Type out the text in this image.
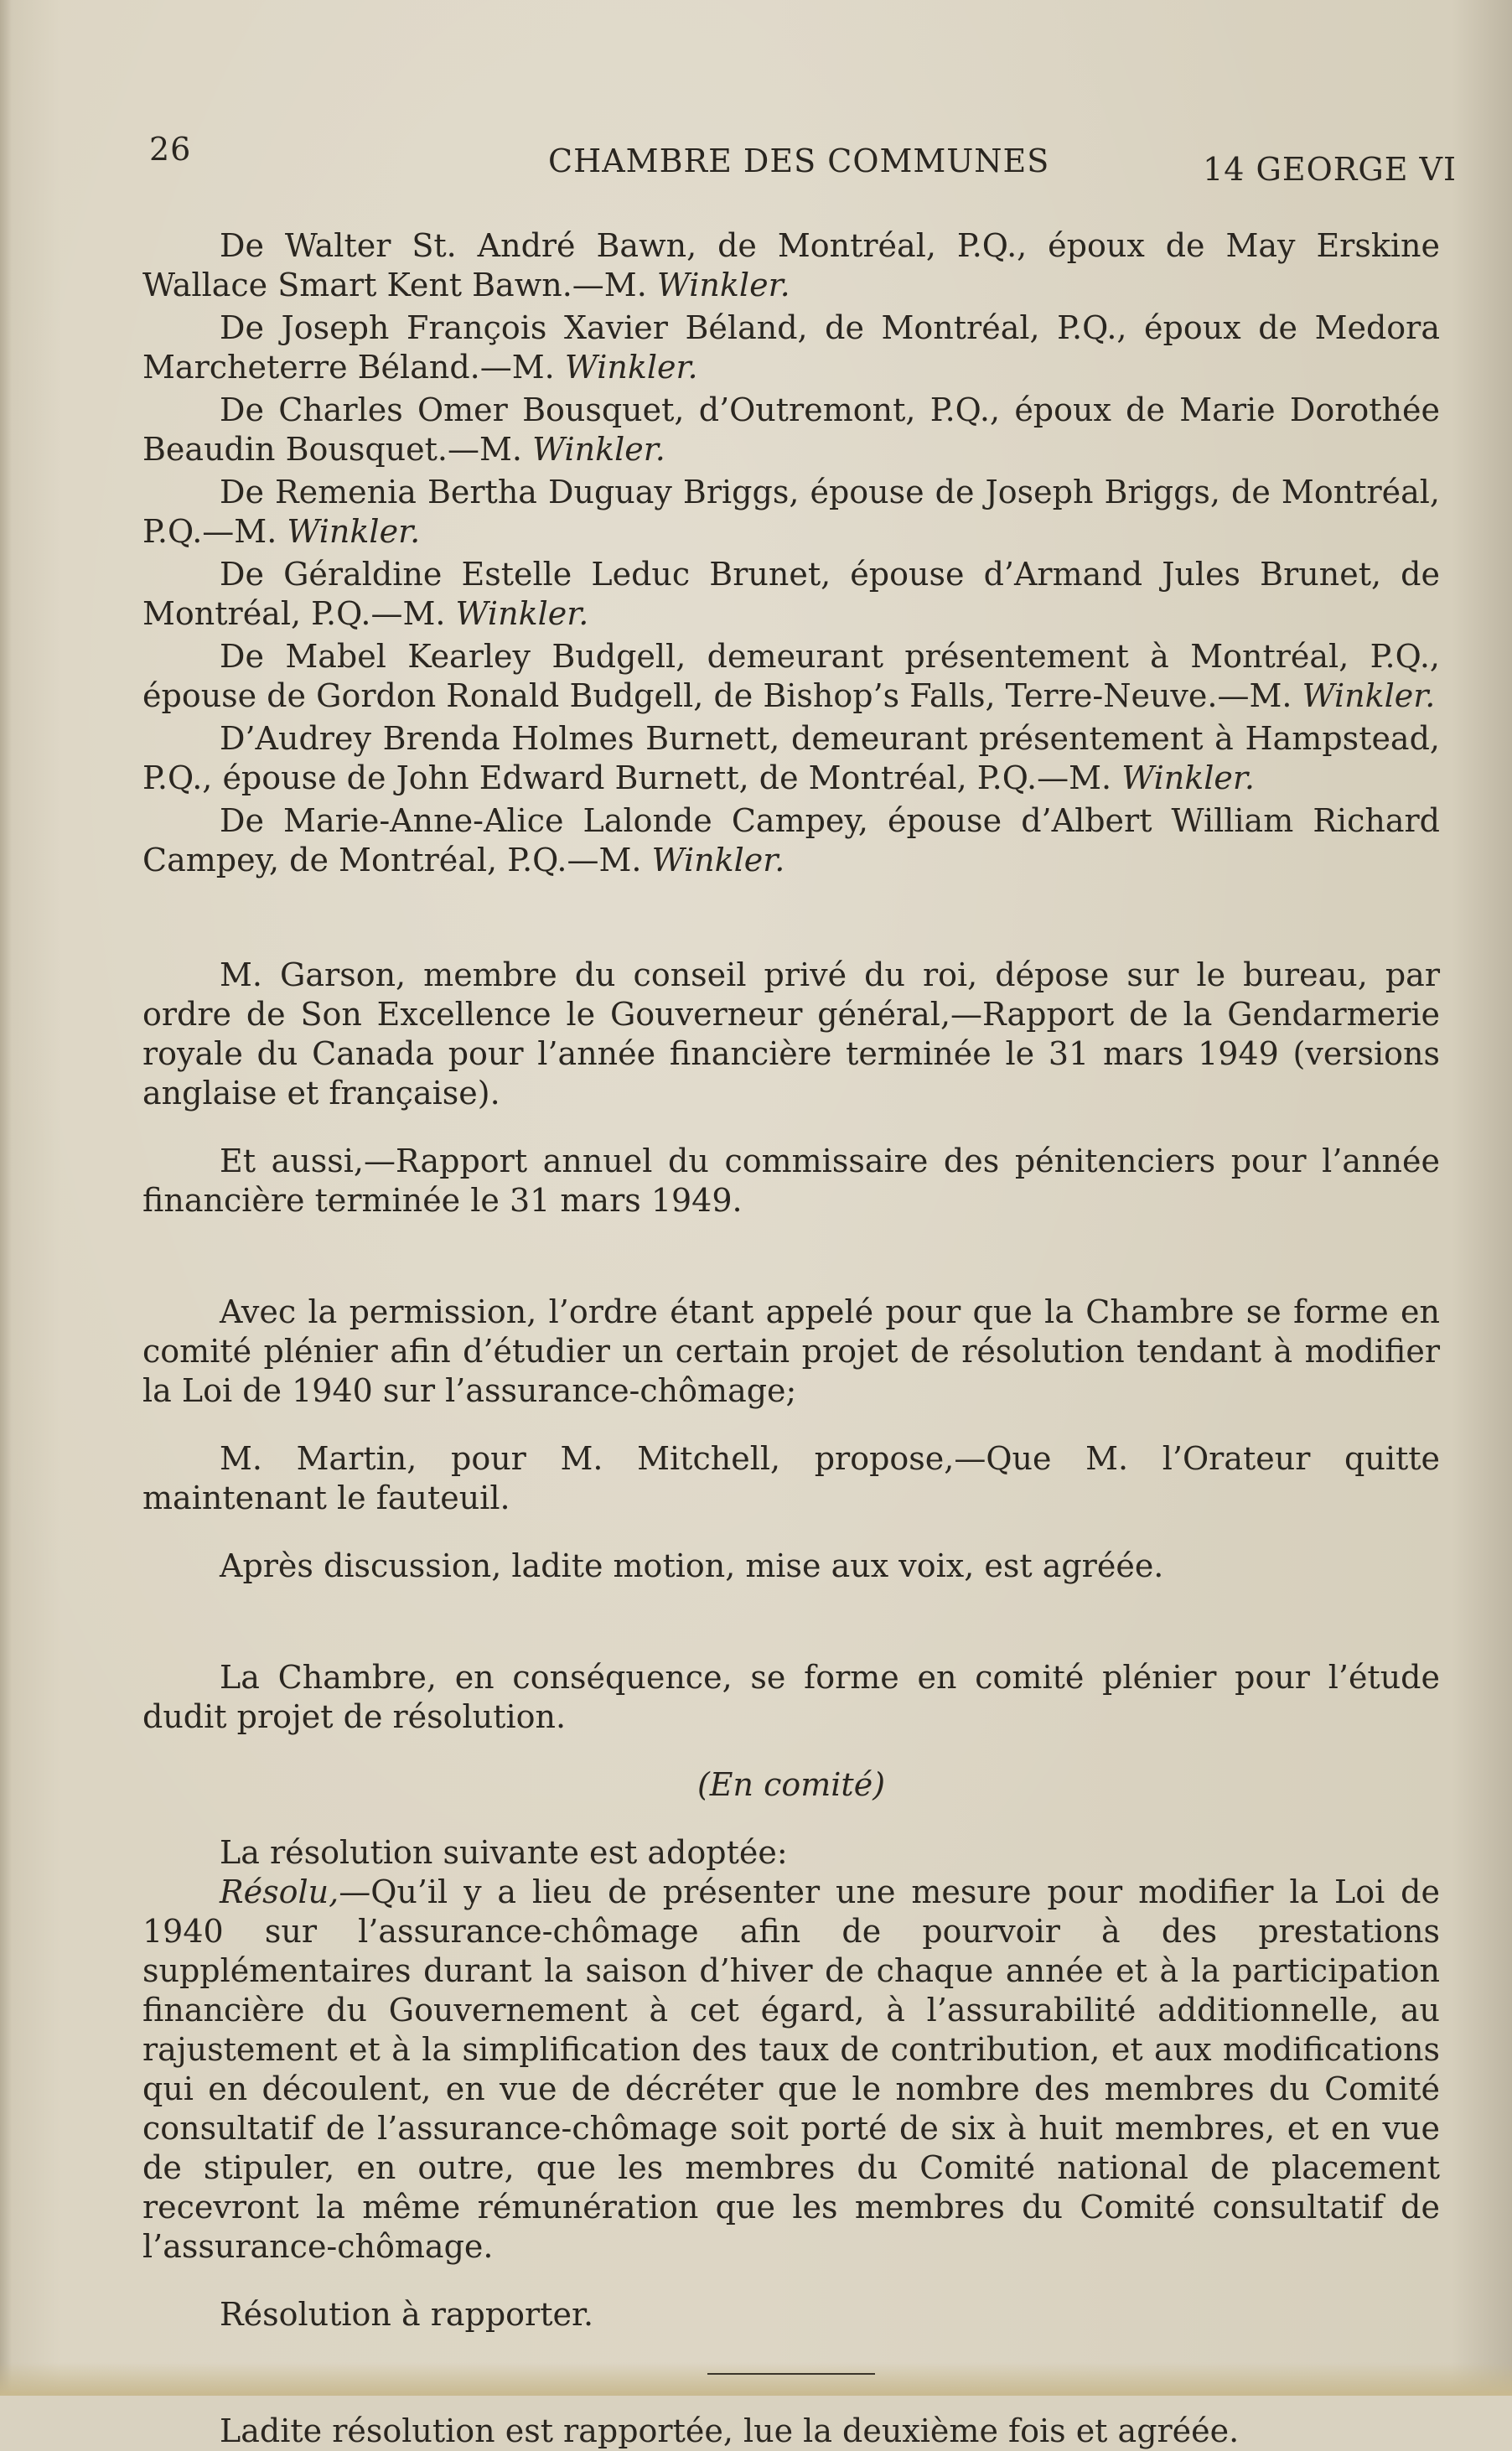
26	CHAMBRE DES COMMUNES	14 GEORGE VI

De Walter St. André Bawn, de Montréal, P.Q., époux de May Erskine Wallace Smart Kent Bawn.—M. Winkler.

De Joseph François Xavier Béland, de Montréal, P.Q., époux de Medora Marcheterre Béland.—M. Winkler.

De Charles Omer Bousquet, d’Outremont, P.Q., époux de Marie Dorothée Beaudin Bousquet.—M. Winkler.

De Remenia Bertha Duguay Briggs, épouse de Joseph Briggs, de Montréal, P.Q.—M. Winkler.

De Géraldine Estelle Leduc Brunet, épouse d’Armand Jules Brunet, de Montréal, P.Q.—M. Winkler.

De Mabel Kearley Budgell, demeurant présentement à Montréal, P.Q., épouse de Gordon Ronald Budgell, de Bishop’s Falls, Terre-Neuve.—M. Winkler.

D’Audrey Brenda Holmes Burnett, demeurant présentement à Hampstead, P.Q., épouse de John Edward Burnett, de Montréal, P.Q.—M. Winkler.

De Marie-Anne-Alice Lalonde Campey, épouse d’Albert William Richard Campey, de Montréal, P.Q.—M. Winkler.

M. Garson, membre du conseil privé du roi, dépose sur le bureau, par ordre de Son Excellence le Gouverneur général,—Rapport de la Gendarmerie royale du Canada pour l’année financière terminée le 31 mars 1949 (versions anglaise et française).

Et aussi,—Rapport annuel du commissaire des pénitenciers pour l’année financière terminée le 31 mars 1949.

Avec la permission, l’ordre étant appelé pour que la Chambre se forme en comité plénier afin d’étudier un certain projet de résolution tendant à modifier la Loi de 1940 sur l’assurance-chômage;

M. Martin, pour M. Mitchell, propose,—Que M. l’Orateur quitte maintenant le fauteuil.

Après discussion, ladite motion, mise aux voix, est agréée.

La Chambre, en conséquence, se forme en comité plénier pour l’étude dudit projet de résolution.

(En comité)

La résolution suivante est adoptée:

Résolu,—Qu’il y a lieu de présenter une mesure pour modifier la Loi de 1940 sur l’assurance-chômage afin de pourvoir à des prestations supplémentaires durant la saison d’hiver de chaque année et à la participation financière du Gouvernement à cet égard, à l’assurabilité additionnelle, au rajustement et à la simplification des taux de contribution, et aux modifications qui en découlent, en vue de décréter que le nombre des membres du Comité consultatif de l’assurance-chômage soit porté de six à huit membres, et en vue de stipuler, en outre, que les membres du Comité national de placement recevront la même rémunération que les membres du Comité consultatif de l’assurance-chômage.

Résolution à rapporter.

Ladite résolution est rapportée, lue la deuxième fois et agréée.
